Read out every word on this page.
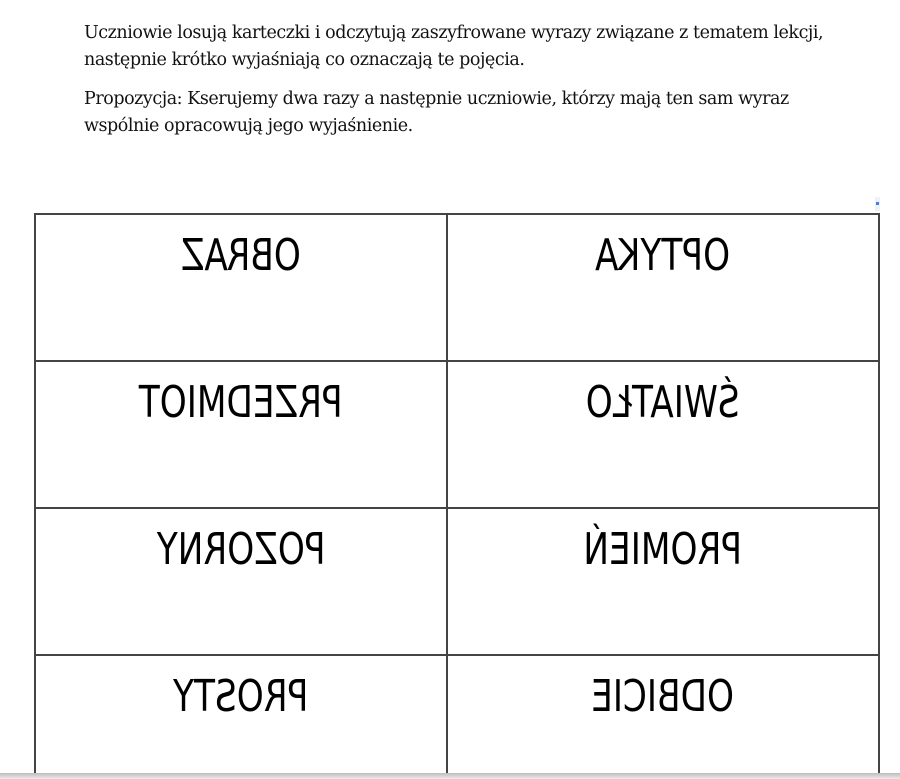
Uczniowie losują karteczki i odczytują zaszyfrowane wyrazy związane z tematem lekcji, następnie krótko wyjaśniają co oznaczają te pojęcia.

Propozycja: Kserujemy dwa razy a następnie uczniowie, którzy mają ten sam wyraz wspólnie opracowują jego wyjaśnienie.

OBRAZ	OPTYKA
PRZEDMIOT	ŚWIATŁO
POZORNY	PROMIEŃ
PROSTY	ODBICIE
